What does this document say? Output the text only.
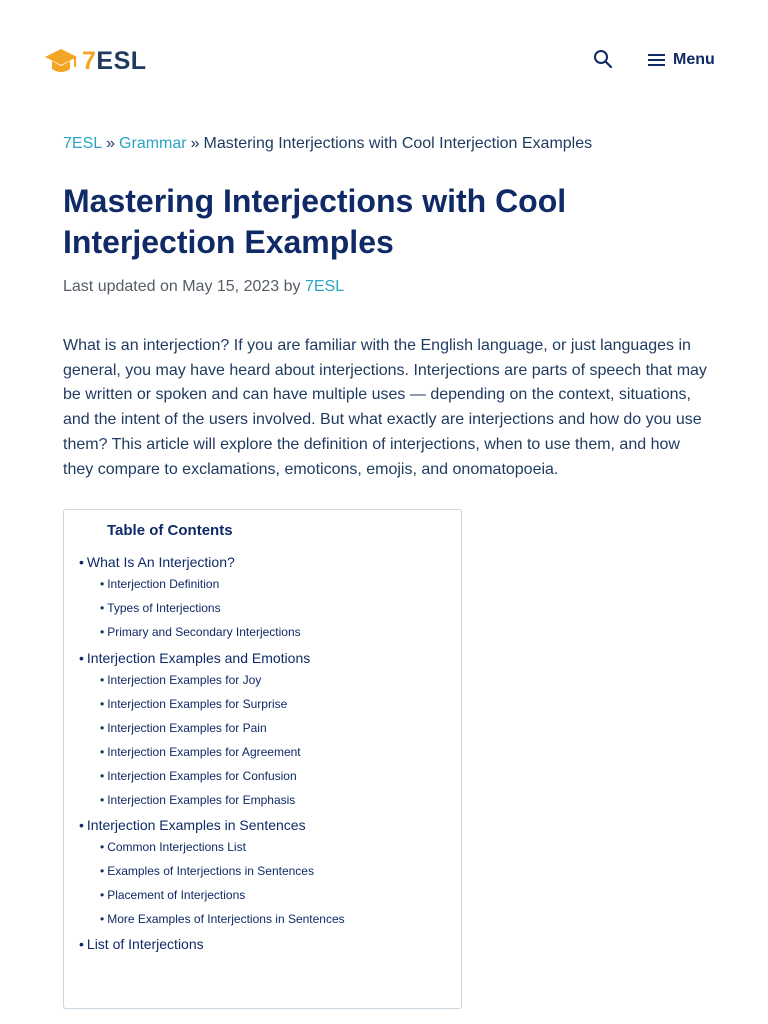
7 ESL	Menu
7ESL » Grammar » Mastering Interjections with Cool Interjection Examples
Mastering Interjections with Cool Interjection Examples
Last updated on May 15, 2023 by 7ESL

What is an interjection? If you are familiar with the English language, or just languages in general, you may have heard about interjections. Interjections are parts of speech that may be written or spoken and can have multiple uses — depending on the context, situations, and the intent of the users involved. But what exactly are interjections and how do you use them? This article will explore the definition of interjections, when to use them, and how they compare to exclamations, emoticons, emojis, and onomatopoeia.

Table of Contents
• What Is An Interjection?
• Interjection Definition
• Types of Interjections
• Primary and Secondary Interjections
• Interjection Examples and Emotions
• Interjection Examples for Joy
• Interjection Examples for Surprise
• Interjection Examples for Pain
• Interjection Examples for Agreement
• Interjection Examples for Confusion
• Interjection Examples for Emphasis
• Interjection Examples in Sentences
• Common Interjections List
• Examples of Interjections in Sentences
• Placement of Interjections
• More Examples of Interjections in Sentences
• List of Interjections
